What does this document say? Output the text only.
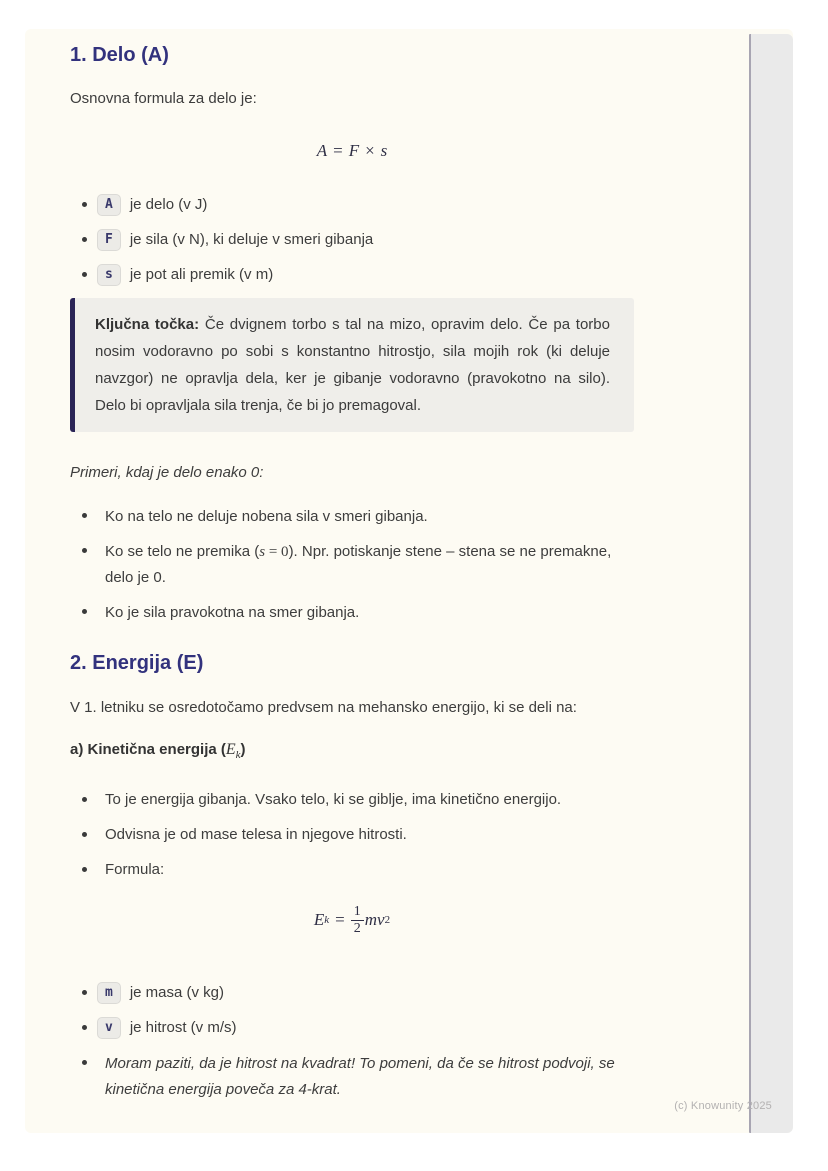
1. Delo (A)

Osnovna formula za delo je:

A = F × s
A	je delo (v J)
F	je sila (v N), ki deluje v smeri gibanja
s	je pot ali premik (v m)
Ključna točka: Če dvignem torbo s tal na mizo, opravim delo. Če pa torbo nosim vodoravno po sobi s konstantno hitrostjo, sila mojih rok (ki deluje navzgor) ne opravlja dela, ker je gibanje vodoravno (pravokotno na silo). Delo bi opravljala sila trenja, če bi jo premagoval.

Primeri, kdaj je delo enako 0:

Ko na telo ne deluje nobena sila v smeri gibanja.
Ko se telo ne premika (s = 0). Npr. potiskanje stene – stena se ne premakne, delo je 0.
Ko je sila pravokotna na smer gibanja.
2. Energija (E)

V 1. letniku se osredotočamo predvsem na mehansko energijo, ki se deli na:

a) Kinetična energija $(E_k)$

To je energija gibanja. Vsako telo, ki se giblje, ima kinetično energijo.
Odvisna je od mase telesa in njegove hitrosti.
Formula:
E $k = \frac{1}{2}$ mv 2
m	je masa (v kg)
v	je hitrost (v m/s)
Moram paziti, da je hitrost na kvadrat! To pomeni, da če se hitrost podvoji, se kinetična energija poveča za 4-krat.
(c) Knowunity 2025
